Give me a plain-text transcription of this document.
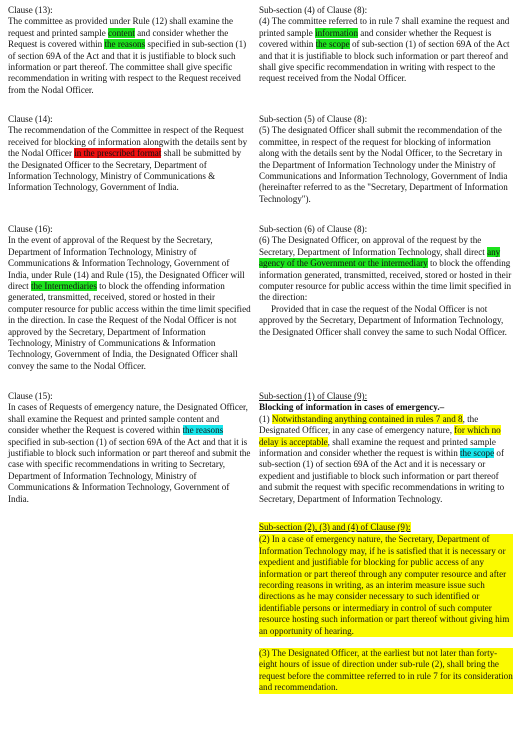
Clause (13):

The committee as provided under Rule (12) shall examine the request and printed sample content and consider whether the Request is covered within the reasons specified in sub-section (1) of section 69A of the Act and that it is justifiable to block such information or part thereof. The committee shall give specific recommendation in writing with respect to the Request received from the Nodal Officer.

Clause (14):

The recommendation of the Committee in respect of the Request received for blocking of information alongwith the details sent by the Nodal Officer in the prescribed format shall be submitted by the Designated Officer to the Secretary, Department of Information Technology, Ministry of Communications & Information Technology, Government of India.

Clause (16):

In the event of approval of the Request by the Secretary, Department of Information Technology, Ministry of Communications & Information Technology, Government of India, under Rule (14) and Rule (15), the Designated Officer will direct the Intermediaries to block the offending information generated, transmitted, received, stored or hosted in their computer resource for public access within the time limit specified in the direction. In case the Request of the Nodal Officer is not approved by the Secretary, Department of Information Technology, Ministry of Communications & Information Technology, Government of India, the Designated Officer shall convey the same to the Nodal Officer.

Clause (15):

In cases of Requests of emergency nature, the Designated Officer, shall examine the Request and printed sample content and consider whether the Request is covered within the reasons specified in sub-section (1) of section 69A of the Act and that it is justifiable to block such information or part thereof and submit the case with specific recommendations in writing to Secretary, Department of Information Technology, Ministry of Communications & Information Technology, Government of India.

Sub-section (4) of Clause (8):

(4) The committee referred to in rule 7 shall examine the request and printed sample information and consider whether the Request is covered within the scope of sub-section (1) of section 69A of the Act and that it is justifiable to block such information or part thereof and shall give specific recommendation in writing with respect to the request received from the Nodal Officer.

Sub-section (5) of Clause (8):

(5) The designated Officer shall submit the recommendation of the committee, in respect of the request for blocking of information along with the details sent by the Nodal Officer, to the Secretary in the Department of Information Technology under the Ministry of Communications and Information Technology, Government of India (hereinafter referred to as the "Secretary, Department of Information Technology").

Sub-section (6) of Clause (8):

(6) The Designated Officer, on approval of the request by the Secretary, Department of Information Technology, shall direct any agency of the Government or the intermediary to block the offending information generated, transmitted, received, stored or hosted in their computer resource for public access within the time limit specified in the direction:

Provided that in case the request of the Nodal Officer is not approved by the Secretary, Department of Information Technology, the Designated Officer shall convey the same to such Nodal Officer.

Sub-section (1) of Clause (9):

Blocking of information in cases of emergency.–

(1) Notwithstanding anything contained in rules 7 and 8, the Designated Officer, in any case of emergency nature, for which no delay is acceptable, shall examine the request and printed sample information and consider whether the request is within the scope of sub-section (1) of section 69A of the Act and it is necessary or expedient and justifiable to block such information or part thereof and submit the request with specific recommendations in writing to Secretary, Department of Information Technology.

Sub-section (2), (3) and (4) of Clause (9):

(2) In a case of emergency nature, the Secretary, Department of Information Technology may, if he is satisfied that it is necessary or expedient and justifiable for blocking for public access of any information or part thereof through any computer resource and after recording reasons in writing, as an interim measure issue such directions as he may consider necessary to such identified or identifiable persons or intermediary in control of such computer resource hosting such information or part thereof without giving him an opportunity of hearing.

(3) The Designated Officer, at the earliest but not later than forty-eight hours of issue of direction under sub-rule (2), shall bring the request before the committee referred to in rule 7 for its consideration and recommendation.
